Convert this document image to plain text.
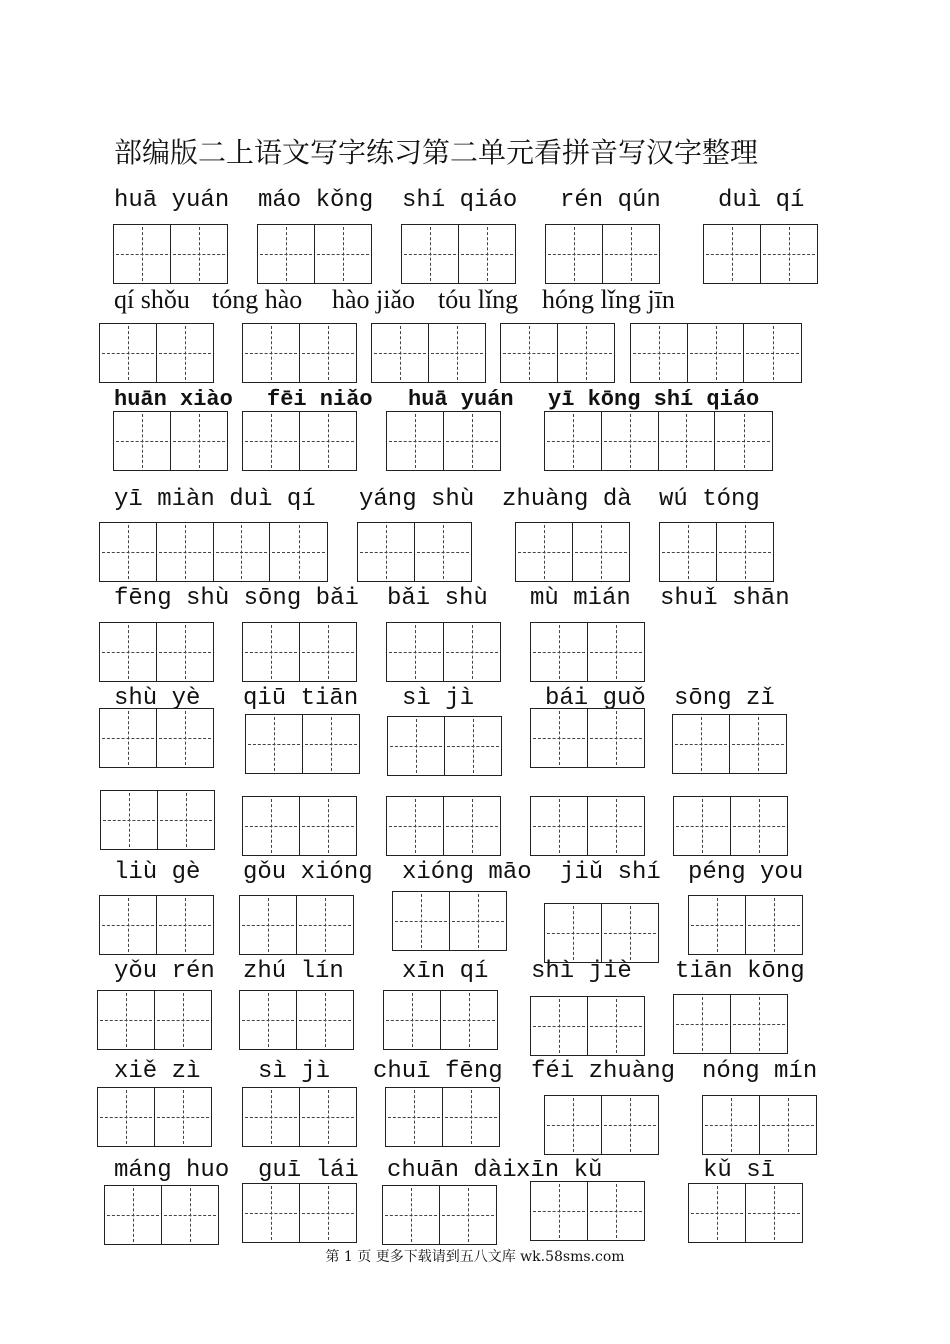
部编版二上语文写字练习第二单元看拼音写汉字整理
huā yuán máo kǒng shí qiáo rén qún duì qí
qí shǒu tóng hào hào jiǎo tóu lǐng hóng lǐng jīn
huān xiào fēi niǎo huā yuán yī kōng shí qiáo
yī miàn duì qí yáng shù zhuàng dà wú tóng
fēng shù sōng bǎi bǎi shù mù mián shuǐ shān
shù yè qiū tiān sì jì	bái guǒ sōng zǐ
liù gè gǒu xióng xióng māo jiǔ shí péng you
yǒu rén zhú lín xīn qí shì jiè tiān kōng
xiě zì sì jì chuī fēng féi zhuàng nóng mín
máng huo guī lái chuān dài xīn kǔ	kǔ sī
第 1 页 更多下载请到五八文库 wk.58sms.com
